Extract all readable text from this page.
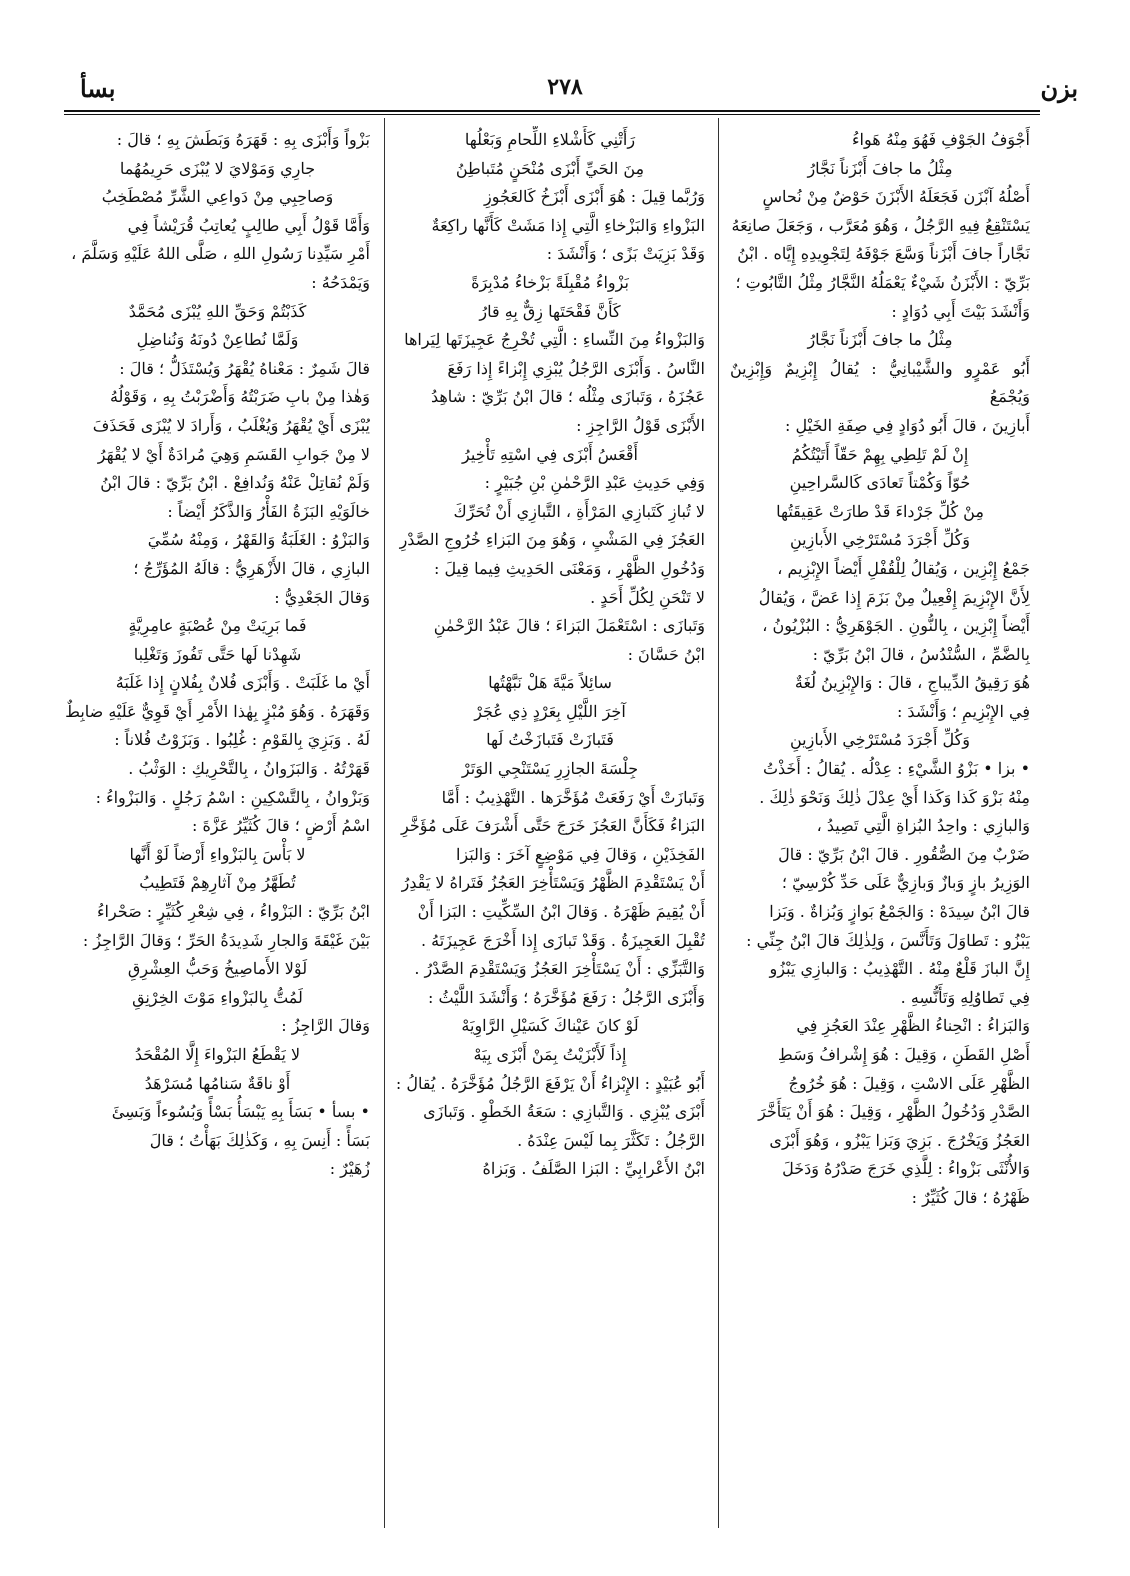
بزن
٢٧٨
بسأ

أَجْوَفُ الجَوْفِ فَهُوَ مِنْهُ هَواءُ

مِثْلُ ما جافَ أَبْزَناً نَجَّارُ

أَصْلُهُ آبْزَن فَجَعَلَهُ الأَبْزَنَ حَوْضٌ مِنْ نُحاسٍ

يَسْتَنْقِعُ فِيهِ الرَّجُلُ ، وَهُوَ مُعَرَّب ، وَجَعَلَ صانِعَهُ

نَجَّاراً جافَ أَبْزَناً وَسَّعَ جَوْفَهُ لِتَجْوِيدِهِ إِيَّاه . ابْنُ

بَرِّيّ : الأَبْزَنُ شَيْءٌ يَعْمَلُهُ النَّجَّارُ مِثْلُ التَّابُوتِ ؛

وَأَنْشَدَ بَيْتَ أَبِي دُوَادٍ :

مِثْلُ ما جافَ أَبْزَناً نَجَّارُ

أَبُو عَمْرٍو والشَّيْبانِيُّ : يُقالُ إِبْزِيمٌ وَإِبْزِينٌ وَيُجْمَعُ

أَبازِينَ ، قالَ أَبُو دُوَادٍ فِي صِفَةِ الخَيْلِ :

إِنْ لَمْ تَلِطِي بِهِمْ حَقّاً أَتَيْتُكُمُ

حُوّاً وَكُمْتاً تَعادَى كَالسَّراحِينِ

مِنْ كُلِّ جَرْداءَ قَدْ طارَتْ عَقِيقَتُها

وَكُلِّ أَجْرَدَ مُسْتَرْخِي الأَبازِينِ

جَمْعُ إِبْزِين ، وَيُقالُ لِلْقُفْلِ أَيْضاً الإِبْزِيم ،

لِأَنَّ الإِبْزِيمَ إِفْعِيلٌ مِنْ بَزَمَ إِذا عَضَّ ، وَيُقالُ

أَيْضاً إِبْزِين ، بِالنُّونِ . الجَوْهَرِيُّ : البُزْيُونُ ،

بِالضَّمِّ ، السُّنْدُسُ ، قالَ ابْنُ بَرِّيّ :

هُوَ رَقِيقُ الدِّيباجِ ، قالَ : وَالإِبْزِينُ لُغَةٌ

فِي الإِبْزِيمِ ؛ وَأَنْشَدَ :

وَكُلِّ أَجْرَدَ مُسْتَرْخِي الأَبازِينِ

• بزا • بَزْوُ الشَّيْءِ : عِدْلُه . يُقالُ : أَخَذْتُ

مِنْهُ بَزْوَ كَذا وَكَذا أَيْ عِدْلَ ذٰلِكَ وَنَحْوَ ذٰلِكَ .

وَالبازِي : واحِدُ البُزاةِ الَّتِي تَصِيدُ ،

ضَرْبٌ مِنَ الصُّقُورِ . قالَ ابْنُ بَرِّيّ : قالَ

الوَزِيرُ بازٍ وَبازٌ وَبازِيٌّ عَلَى حَدِّ كُرْسِيّ ؛

قالَ ابْنُ سِيدَهْ : وَالجَمْعُ بَوازٍ وَبُزاةٌ . وَبَزا

يَبْزُو : تَطاوَلَ وَتَأَنَّسَ ، وَلِذٰلِكَ قالَ ابْنُ جِنِّي :

إِنَّ البازَ قَلْعٌ مِنْهُ . التَّهْذِيبُ : وَالبازِي يَبْزُو

فِي تَطاوُلِهِ وَتَأَنُّسِهِ .

وَالبَزاءُ : انْحِناءُ الظَّهْرِ عِنْدَ العَجُزِ فِي

أَصْلِ القَطَنِ ، وَقِيلَ : هُوَ إِشْرافُ وَسَطِ

الظَّهْرِ عَلَى الاسْتِ ، وَقِيلَ : هُوَ خُرُوجُ

الصَّدْرِ وَدُخُولُ الظَّهْرِ ، وَقِيلَ : هُوَ أَنْ يَتَأَخَّرَ

العَجُزُ وَيَخْرُجَ . بَزِيَ وَبَزا يَبْزُو ، وَهُوَ أَبْزَى

وَالأُنْثَى بَزْواءُ : لِلَّذِي خَرَجَ صَدْرُهُ وَدَخَلَ

ظَهْرُهُ ؛ قالَ كُثَيِّرٌ :

رَأَتْنِي كَأَشْلاءِ اللِّحامِ وَبَعْلُها

مِنَ الحَيِّ أَبْزَى مُنْحَنٍ مُتَباطِنُ

وَرُبَّما قِيلَ : هُوَ أَبْزَى أَبْزَخُ كَالعَجُوزِ

البَزْواءِ وَالبَزْخاءِ الَّتِي إِذا مَشَتْ كَأَنَّها راكِعَةٌ

وَقَدْ بَزِيَتْ بَزًى ؛ وَأَنْشَدَ :

بَزْواءُ مُقْبِلَةً بَزْخاءُ مُدْبِرَةً

كَأَنَّ فَقْحَتَها زِقٌّ بِهِ قارُ

وَالبَزْواءُ مِنَ النِّساءِ : الَّتِي تُخْرِجُ عَجِيزَتَها لِيَراها

النَّاسُ . وَأَبْزَى الرَّجُلُ يُبْزِي إِبْزاءً إِذا رَفَعَ

عَجُزَهُ ، وَتَبازَى مِثْلُه ؛ قالَ ابْنُ بَرِّيّ : شاهِدُ

الأَبْزَى قَوْلُ الرَّاجِزِ :

أَقْعَسُ أَبْزَى فِي اسْتِهِ تَأْخِيرُ

وَفِي حَدِيثِ عَبْدِ الرَّحْمٰنِ بْنِ جُبَيْرٍ :

لا تُبازِ كَتَبازِي المَرْأَةِ ، التَّبازِي أَنْ تُحَرِّكَ

العَجُزَ فِي المَشْيِ ، وَهُوَ مِنَ البَزاءِ خُرُوجِ الصَّدْرِ

وَدُخُولِ الظَّهْرِ ، وَمَعْنَى الحَدِيثِ فِيما قِيلَ :

لا تَنْحَنِ لِكُلِّ أَحَدٍ .

وَتَبازَى : اسْتَعْمَلَ البَزاءَ ؛ قالَ عَبْدُ الرَّحْمٰنِ

ابْنُ حَسَّانَ :

سائِلاً مَيَّةَ هَلْ نَبَّهْتُها

آخِرَ اللَّيْلِ بِعَرْدٍ ذِي عُجَرْ

فَتَبازَتْ فَتَبازَخْتُ لَها

جِلْسَةَ الجازِرِ يَسْتَنْجِي الوَتَرْ

وَتَبازَتْ أَيْ رَفَعَتْ مُؤَخَّرَها . التَّهْذِيبُ : أَمَّا

البَزاءُ فَكَأَنَّ العَجُزَ خَرَجَ حَتَّى أَشْرَفَ عَلَى مُؤَخَّرِ

الفَخِذَيْنِ ، وَقالَ فِي مَوْضِعٍ آخَرَ : وَالبَزا

أَنْ يَسْتَقْدِمَ الظَّهْرُ وَيَسْتَأْخِرَ العَجُزُ فَتَراهُ لا يَقْدِرُ

أَنْ يُقِيمَ ظَهْرَهُ . وَقالَ ابْنُ السِّكِّيتِ : البَزا أَنْ

تُقْبِلَ العَجِيزَةُ . وَقَدْ تَبازَى إِذا أَخْرَجَ عَجِيزَتَهُ .

وَالتَّبَزِّي : أَنْ يَسْتَأْخِرَ العَجُزُ وَيَسْتَقْدِمَ الصَّدْرُ .

وَأَبْزَى الرَّجُلُ : رَفَعَ مُؤَخَّرَهُ ؛ وَأَنْشَدَ اللَّيْثُ :

لَوْ كانَ عَيْناكَ كَسَيْلِ الرَّاوِيَهْ

إِذاً لَأَبْزَيْتُ بِمَنْ أَبْزَى بِيَهْ

أَبُو عُبَيْدٍ : الإِبْزاءُ أَنْ يَرْفَعَ الرَّجُلُ مُؤَخَّرَهُ . يُقالُ :

أَبْزَى يُبْزِي . وَالتَّبازِي : سَعَةُ الخَطْوِ . وَتَبازَى

الرَّجُلُ : تَكَثَّرَ بِما لَيْسَ عِنْدَهُ .

ابْنُ الأَعْرابِيِّ : البَزا الصَّلَفُ . وَبَزاهُ

بَزْواً وَأَبْزَى بِهِ : قَهَرَهُ وَبَطَشَ بِهِ ؛ قالَ :

جارِي وَمَوْلايَ لا يُبْزَى حَرِيمُهُما

وَصاحِبِي مِنْ دَواعِي الشَّرِّ مُصْطَخِبُ

وَأَمَّا قَوْلُ أَبِي طالِبٍ يُعاتِبُ قُرَيْشاً فِي

أَمْرِ سَيِّدِنا رَسُولِ اللهِ ، صَلَّى اللهُ عَلَيْهِ وَسَلَّمَ ،

وَيَمْدَحُهُ :

كَذَبْتُمْ وَحَقِّ اللهِ يُبْزَى مُحَمَّدٌ

وَلَمَّا نُطاعِنْ دُونَهُ وَنُناضِلِ

قالَ شَمِرٌ : مَعْناهُ يُقْهَرُ وَيُسْتَذَلُّ ؛ قالَ :

وَهٰذا مِنْ بابِ ضَرَبْتُهُ وَأَضْرَبْتُ بِهِ ، وَقَوْلُهُ

يُبْزَى أَيْ يُقْهَرُ وَيُغْلَبُ ، وَأَرادَ لا يُبْزَى فَحَذَفَ

لا مِنْ جَوابِ القَسَمِ وَهِيَ مُرادَةٌ أَيْ لا يُقْهَرُ

وَلَمْ نُقاتِلْ عَنْهُ وَنُدافِعْ . ابْنُ بَرِّيّ : قالَ ابْنُ

خالَوَيْهِ البَزَةُ الفَأْرُ وَالذَّكَرُ أَيْضاً :

وَالبَزْوُ : الغَلَبَةُ وَالقَهْرُ ، وَمِنْهُ سُمِّيَ

البازِي ، قالَ الأَزْهَرِيُّ : قالَهُ المُؤَرِّجُ ؛

وَقالَ الجَعْدِيُّ :

فَما بَرِيَتْ مِنْ عُصْبَةٍ عامِرِيَّةٍ

شَهِدْنا لَها حَتَّى تَفُوزَ وَتَغْلِبا

أَيْ ما غَلَبَتْ . وَأَبْزَى فُلانٌ بِفُلانٍ إِذا غَلَبَهُ

وَقَهَرَهُ . وَهُوَ مُبْزٍ بِهٰذا الأَمْرِ أَيْ قَوِيٌّ عَلَيْهِ ضابِطٌ

لَهُ . وَبَزِيَ بِالقَوْمِ : غُلِبُوا . وَبَزَوْتُ فُلاناً :

قَهَرْتُهُ . وَالبَزَوانُ ، بِالتَّحْرِيكِ : الوَثْبُ .

وَبَزْوانُ ، بِالتَّسْكِينِ : اسْمُ رَجُلٍ . وَالبَزْواءُ :

اسْمُ أَرْضٍ ؛ قالَ كُثَيِّرُ عَزَّةَ :

لا بَأْسَ بِالبَزْواءِ أَرْضاً لَوْ أَنَّها

تُطَهَّرُ مِنْ آثارِهِمْ فَتَطِيبُ

ابْنُ بَرِّيّ : البَزْواءُ ، فِي شِعْرِ كُثَيِّرٍ : صَحْراءُ

بَيْنَ غَيْقَةَ وَالجارِ شَدِيدَةُ الحَرِّ ؛ وَقالَ الرَّاجِزُ :

لَوْلا الأَماصِيخُ وَحَبُّ العِشْرِقِ

لَمُتُّ بِالبَزْواءِ مَوْتَ الخِرْنِقِ

وَقالَ الرَّاجِزُ :

لا يَقْطَعُ البَزْواءَ إِلَّا المُقْحَدُ

أَوْ ناقَةٌ سَنامُها مُسَرْهَدُ

• بسأ • بَسَأَ بِهِ يَبْسَأُ بَسْأً وَبُسُوءاً وَبَسِئَ

بَسَأً : أَنِسَ بِهِ ، وَكَذٰلِكَ بَهَأْتُ ؛ قالَ

زُهَيْرٌ :
